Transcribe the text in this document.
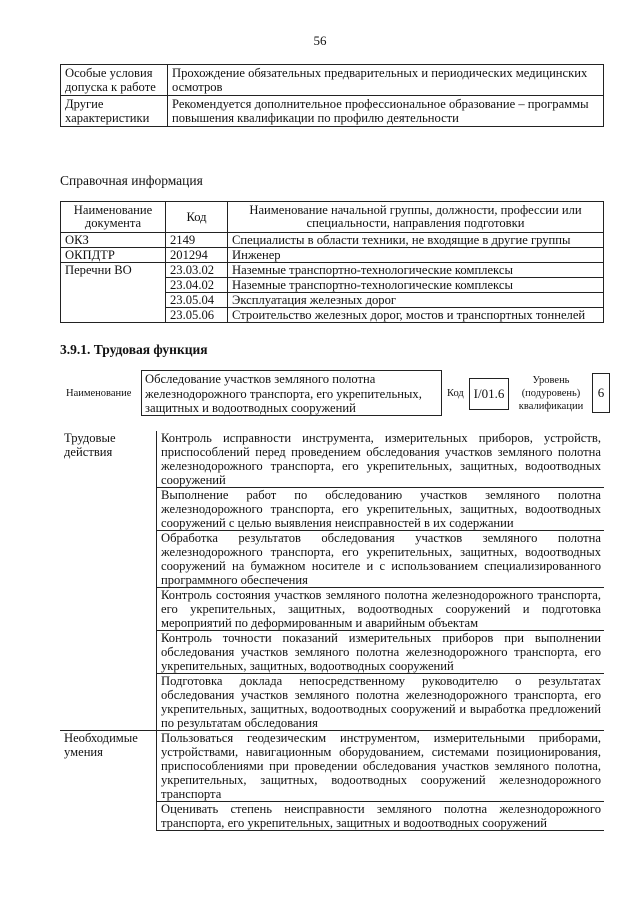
56
Особые условия допуска к работе	Прохождение обязательных предварительных и периодических медицинских осмотров
Другие характеристики	Рекомендуется дополнительное профессиональное образование – программы повышения квалификации по профилю деятельности
Справочная информация
Наименование документа	Код	Наименование начальной группы, должности, профессии или специальности, направления подготовки
ОКЗ	2149	Специалисты в области техники, не входящие в другие группы
ОКПДТР	201294	Инженер
Перечни ВО	23.03.02	Наземные транспортно-технологические комплексы
	23.04.02	Наземные транспортно-технологические комплексы
	23.05.04	Эксплуатация железных дорог
	23.05.06	Строительство железных дорог, мостов и транспортных тоннелей
3.9.1. Трудовая функция
Наименование
Обследование участков земляного полотна железнодорожного транспорта, его укрепительных, защитных и водоотводных сооружений
Код I/01.6
Уровень (подуровень) квалификации
6
Трудовые действия	Контроль исправности инструмента, измерительных приборов, устройств, приспособлений перед проведением обследования участков земляного полотна железнодорожного транспорта, его укрепительных, защитных, водоотводных сооружений
	Выполнение работ по обследованию участков земляного полотна железнодорожного транспорта, его укрепительных, защитных, водоотводных сооружений с целью выявления неисправностей в их содержании
	Обработка результатов обследования участков земляного полотна железнодорожного транспорта, его укрепительных, защитных, водоотводных сооружений на бумажном носителе и с использованием специализированного программного обеспечения
	Контроль состояния участков земляного полотна железнодорожного транспорта, его укрепительных, защитных, водоотводных сооружений и подготовка мероприятий по деформированным и аварийным объектам
	Контроль точности показаний измерительных приборов при выполнении обследования участков земляного полотна железнодорожного транспорта, его укрепительных, защитных, водоотводных сооружений
	Подготовка доклада непосредственному руководителю о результатах обследования участков земляного полотна железнодорожного транспорта, его укрепительных, защитных, водоотводных сооружений и выработка предложений по результатам обследования
Необходимые умения	Пользоваться геодезическим инструментом, измерительными приборами, устройствами, навигационным оборудованием, системами позиционирования, приспособлениями при проведении обследования участков земляного полотна, укрепительных, защитных, водоотводных сооружений железнодорожного транспорта
	Оценивать степень неисправности земляного полотна железнодорожного транспорта, его укрепительных, защитных и водоотводных сооружений
